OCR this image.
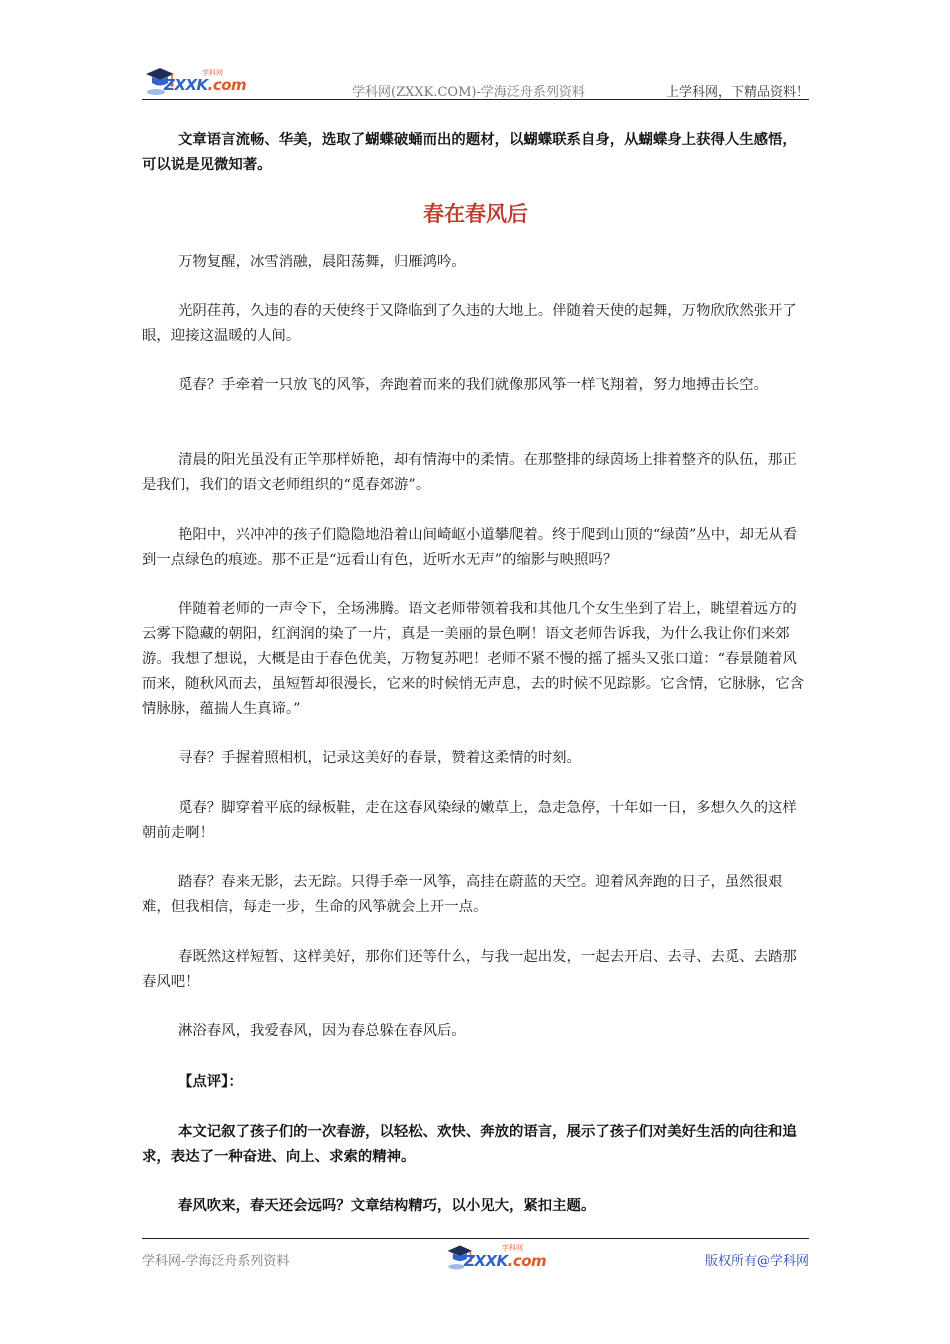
学科网
ZXXK.com	学科网(ZXXK.COM)-学海泛舟系列资料	上学科网，下精品资料！

文章语言流畅、华美，选取了蝴蝶破蛹而出的题材，以蝴蝶联系自身，从蝴蝶身上获得人生感悟，可以说是见微知著。

春在春风后

万物复醒，冰雪消融，晨阳荡舞，归雁鸿吟。

光阴荏苒，久违的春的天使终于又降临到了久违的大地上。伴随着天使的起舞，万物欣欣然张开了眼，迎接这温暖的人间。

觅春？手牵着一只放飞的风筝，奔跑着而来的我们就像那风筝一样飞翔着，努力地搏击长空。

清晨的阳光虽没有正竿那样娇艳，却有情海中的柔情。在那整排的绿茵场上排着整齐的队伍，那正是我们，我们的语文老师组织的“觅春郊游”。

艳阳中，兴冲冲的孩子们隐隐地沿着山间崎岖小道攀爬着。终于爬到山顶的“绿茵”丛中，却无从看到一点绿色的痕迹。那不正是“远看山有色，近听水无声”的缩影与映照吗？

伴随着老师的一声令下，全场沸腾。语文老师带领着我和其他几个女生坐到了岩上，眺望着远方的云雾下隐藏的朝阳，红润润的染了一片，真是一美丽的景色啊！语文老师告诉我，为什么我让你们来郊游。我想了想说，大概是由于春色优美，万物复苏吧！老师不紧不慢的摇了摇头又张口道：“春景随着风而来，随秋风而去，虽短暂却很漫长，它来的时候悄无声息，去的时候不见踪影。它含情，它脉脉，它含情脉脉，蕴揣人生真谛。”

寻春？手握着照相机，记录这美好的春景，赞着这柔情的时刻。

觅春？脚穿着平底的绿板鞋，走在这春风染绿的嫩草上，急走急停，十年如一日，多想久久的这样朝前走啊！

踏春？春来无影，去无踪。只得手牵一风筝，高挂在蔚蓝的天空。迎着风奔跑的日子，虽然很艰难，但我相信，每走一步，生命的风筝就会上开一点。

春既然这样短暂、这样美好，那你们还等什么，与我一起出发，一起去开启、去寻、去觅、去踏那春风吧！

淋浴春风，我爱春风，因为春总躲在春风后。

【点评】：

本文记叙了孩子们的一次春游，以轻松、欢快、奔放的语言，展示了孩子们对美好生活的向往和追求，表达了一种奋进、向上、求索的精神。

春风吹来，春天还会远吗？文章结构精巧，以小见大，紧扣主题。

学科网-学海泛舟系列资料
学科网
ZXXK.com	版权所有@学科网
